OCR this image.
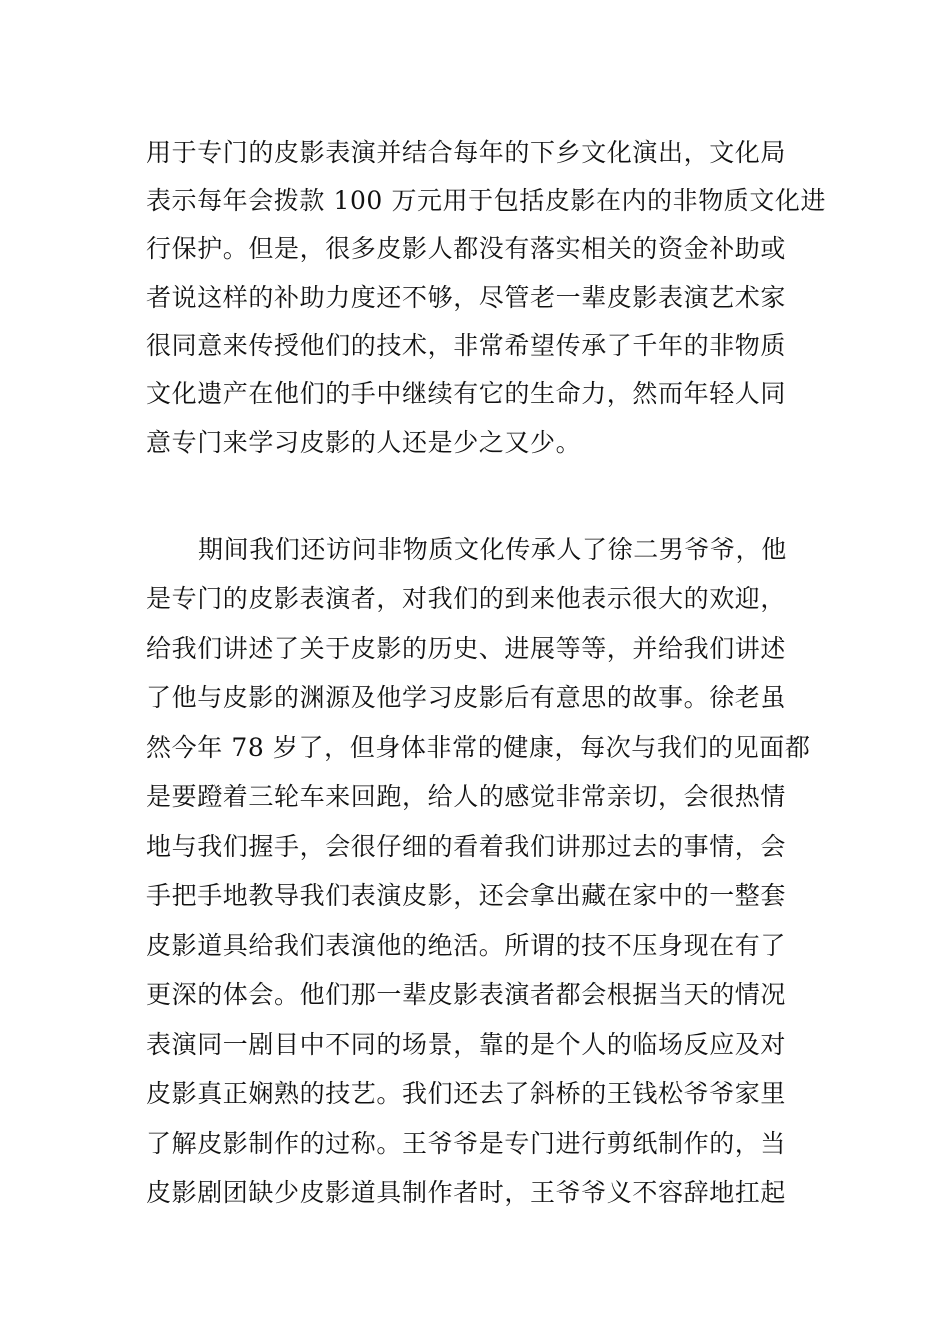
用于专门的皮影表演并结合每年的下乡文化演出，文化局
表示每年会拨款 100 万元用于包括皮影在内的非物质文化进
行保护。但是，很多皮影人都没有落实相关的资金补助或
者说这样的补助力度还不够，尽管老一辈皮影表演艺术家
很同意来传授他们的技术，非常希望传承了千年的非物质
文化遗产在他们的手中继续有它的生命力，然而年轻人同
意专门来学习皮影的人还是少之又少。
期间我们还访问非物质文化传承人了徐二男爷爷，他
是专门的皮影表演者，对我们的到来他表示很大的欢迎，
给我们讲述了关于皮影的历史、进展等等，并给我们讲述
了他与皮影的渊源及他学习皮影后有意思的故事。徐老虽
然今年 78 岁了，但身体非常的健康，每次与我们的见面都
是要蹬着三轮车来回跑，给人的感觉非常亲切，会很热情
地与我们握手，会很仔细的看着我们讲那过去的事情，会
手把手地教导我们表演皮影，还会拿出藏在家中的一整套
皮影道具给我们表演他的绝活。所谓的技不压身现在有了
更深的体会。他们那一辈皮影表演者都会根据当天的情况
表演同一剧目中不同的场景，靠的是个人的临场反应及对
皮影真正娴熟的技艺。我们还去了斜桥的王钱松爷爷家里
了解皮影制作的过称。王爷爷是专门进行剪纸制作的，当
皮影剧团缺少皮影道具制作者时，王爷爷义不容辞地扛起
